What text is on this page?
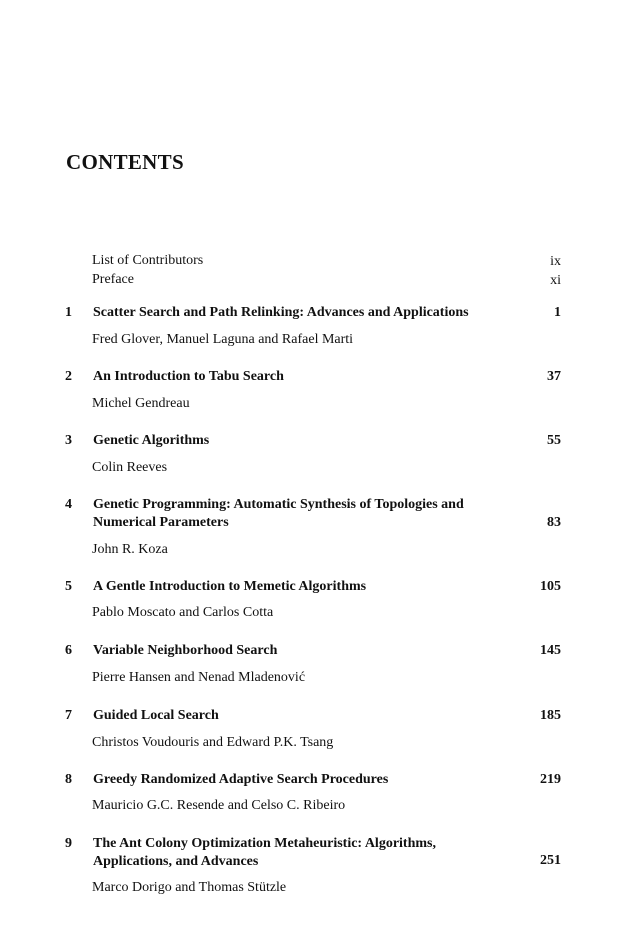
CONTENTS
List of Contributors	ix
Preface	xi
1 Scatter Search and Path Relinking: Advances and Applications	1
Fred Glover, Manuel Laguna and Rafael Marti
2 An Introduction to Tabu Search	37
Michel Gendreau
3 Genetic Algorithms	55
Colin Reeves
4 Genetic Programming: Automatic Synthesis of Topologies and
Numerical Parameters	83
John R. Koza
5 A Gentle Introduction to Memetic Algorithms	105
Pablo Moscato and Carlos Cotta
6 Variable Neighborhood Search	145
Pierre Hansen and Nenad Mladenović
7 Guided Local Search	185
Christos Voudouris and Edward P.K. Tsang
8 Greedy Randomized Adaptive Search Procedures	219
Mauricio G.C. Resende and Celso C. Ribeiro
9 The Ant Colony Optimization Metaheuristic: Algorithms,
Applications, and Advances	251
Marco Dorigo and Thomas Stützle
